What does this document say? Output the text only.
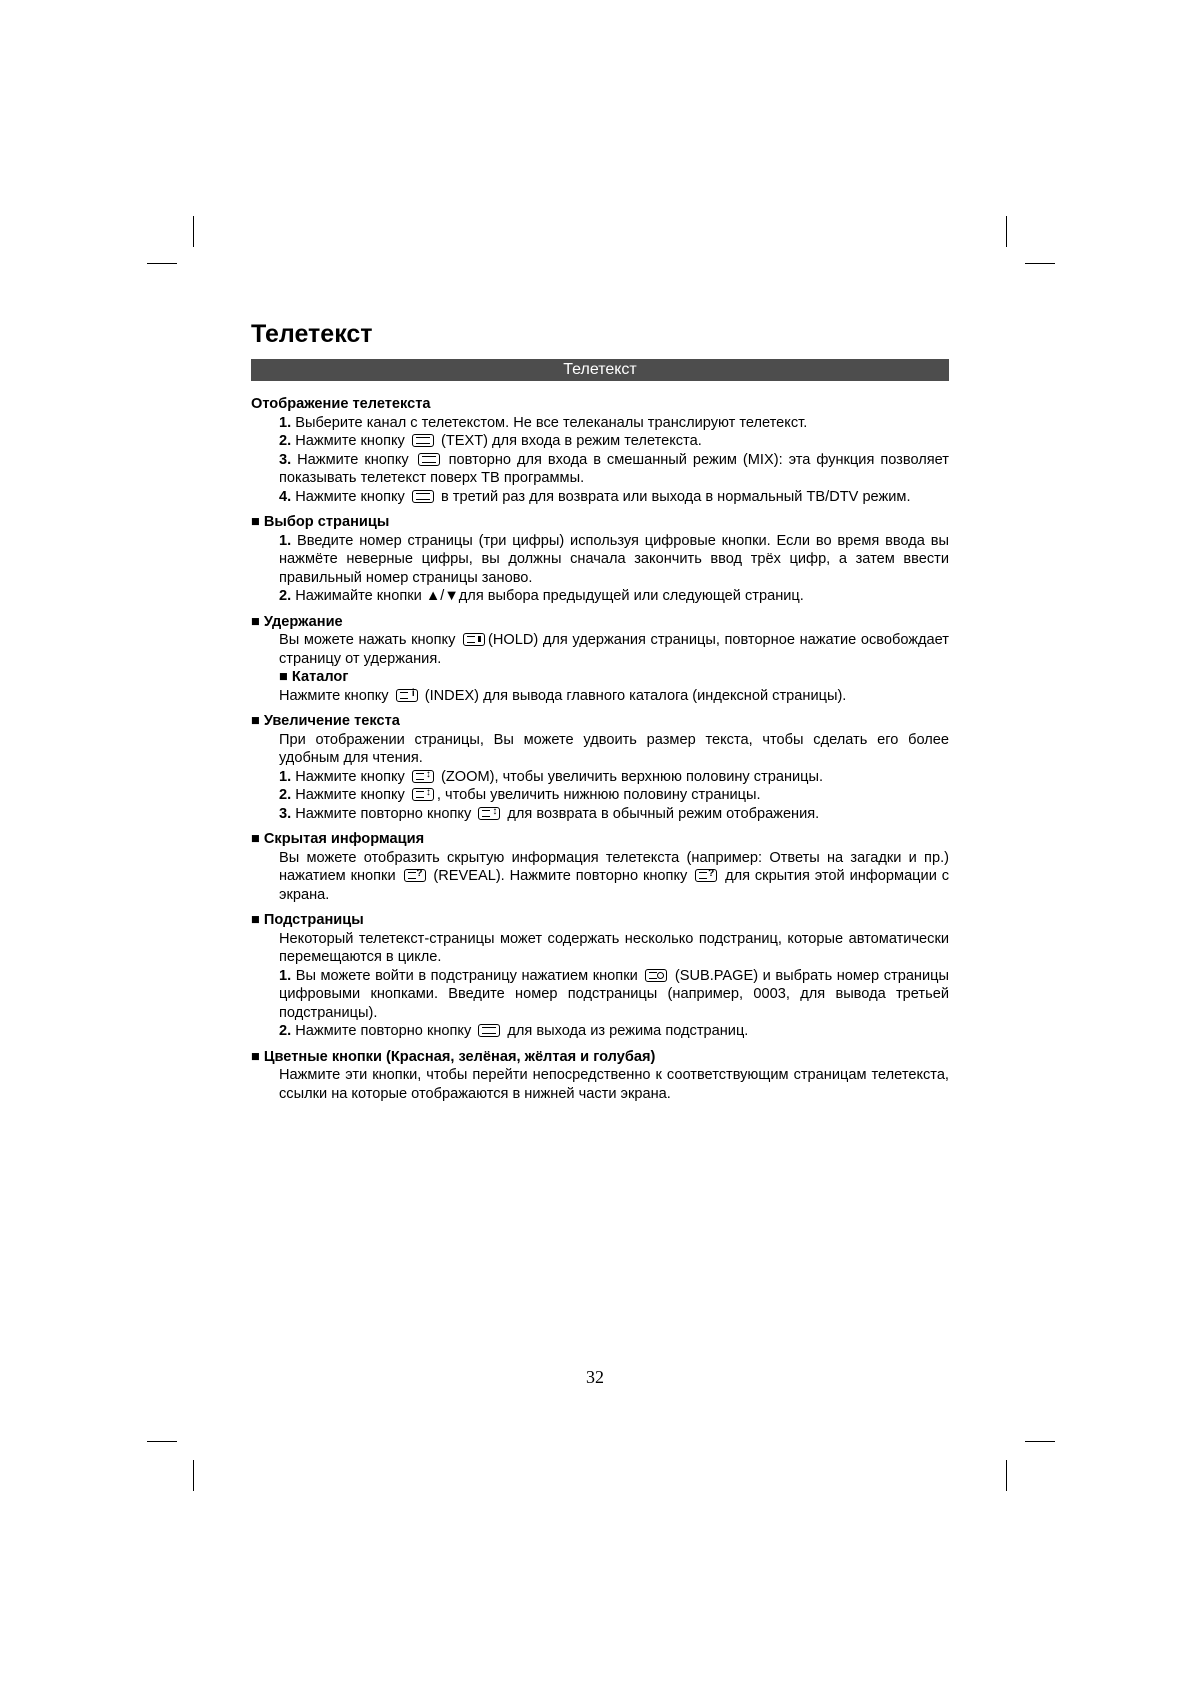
Телетекст
Телетекст
Отображение телетекста
1. Выберите канал с телетекстом. Не все телеканалы транслируют телетекст.
2. Нажмите кнопку (TEXT) для входа в режим телетекста.
3. Нажмите кнопку	повторно для входа в смешанный режим (MIX): эта функция позволяет показывать телетекст поверх ТВ программы.
4. Нажмите кнопку в третий раз для возврата или выхода в нормальный ТВ/DTV режим.
■ Выбор страницы
1. Введите номер страницы (три цифры) используя цифровые кнопки. Если во время ввода вы нажмёте неверные цифры, вы должны сначала закончить ввод трёх цифр, а затем ввести правильный номер страницы заново.
2. Нажимайте кнопки ▲/▼для выбора предыдущей или следующей страниц.
■ Удержание
Вы можете нажать кнопку (HOLD) для удержания страницы, повторное нажатие освобождает страницу от удержания.
■ Каталог
Нажмите кнопку i (INDEX) для вывода главного каталога (индексной страницы).
■ Увеличение текста
При отображении страницы, Вы можете удвоить размер текста, чтобы сделать его более удобным для чтения.
1. Нажмите кнопку ↕ (ZOOM), чтобы увеличить верхнюю половину страницы.
2. Нажмите кнопку ↕ , чтобы увеличить нижнюю половину страницы.
3. Нажмите повторно кнопку ↕ для возврата в обычный режим отображения.
■ Скрытая информация
Вы можете отобразить скрытую информация телетекста (например: Ответы на загадки и пр.) нажатием кнопки ? (REVEAL). Нажмите повторно кнопку ? для скрытия этой информации с экрана.
■ Подстраницы
Некоторый телетекст-страницы может содержать несколько подстраниц, которые автоматически перемещаются в цикле.
1. Вы можете войти в подстраницу нажатием кнопки  (SUB.PAGE) и выбрать номер страницы цифровыми кнопками. Введите номер подстраницы (например, 0003, для вывода третьей подстраницы).
2. Нажмите повторно кнопку  для выхода из режима подстраниц.
■ Цветные кнопки (Красная, зелёная, жёлтая и голубая)
Нажмите эти кнопки, чтобы перейти непосредственно к соответствующим страницам телетекста, ссылки на которые отображаются в нижней части экрана.
32
